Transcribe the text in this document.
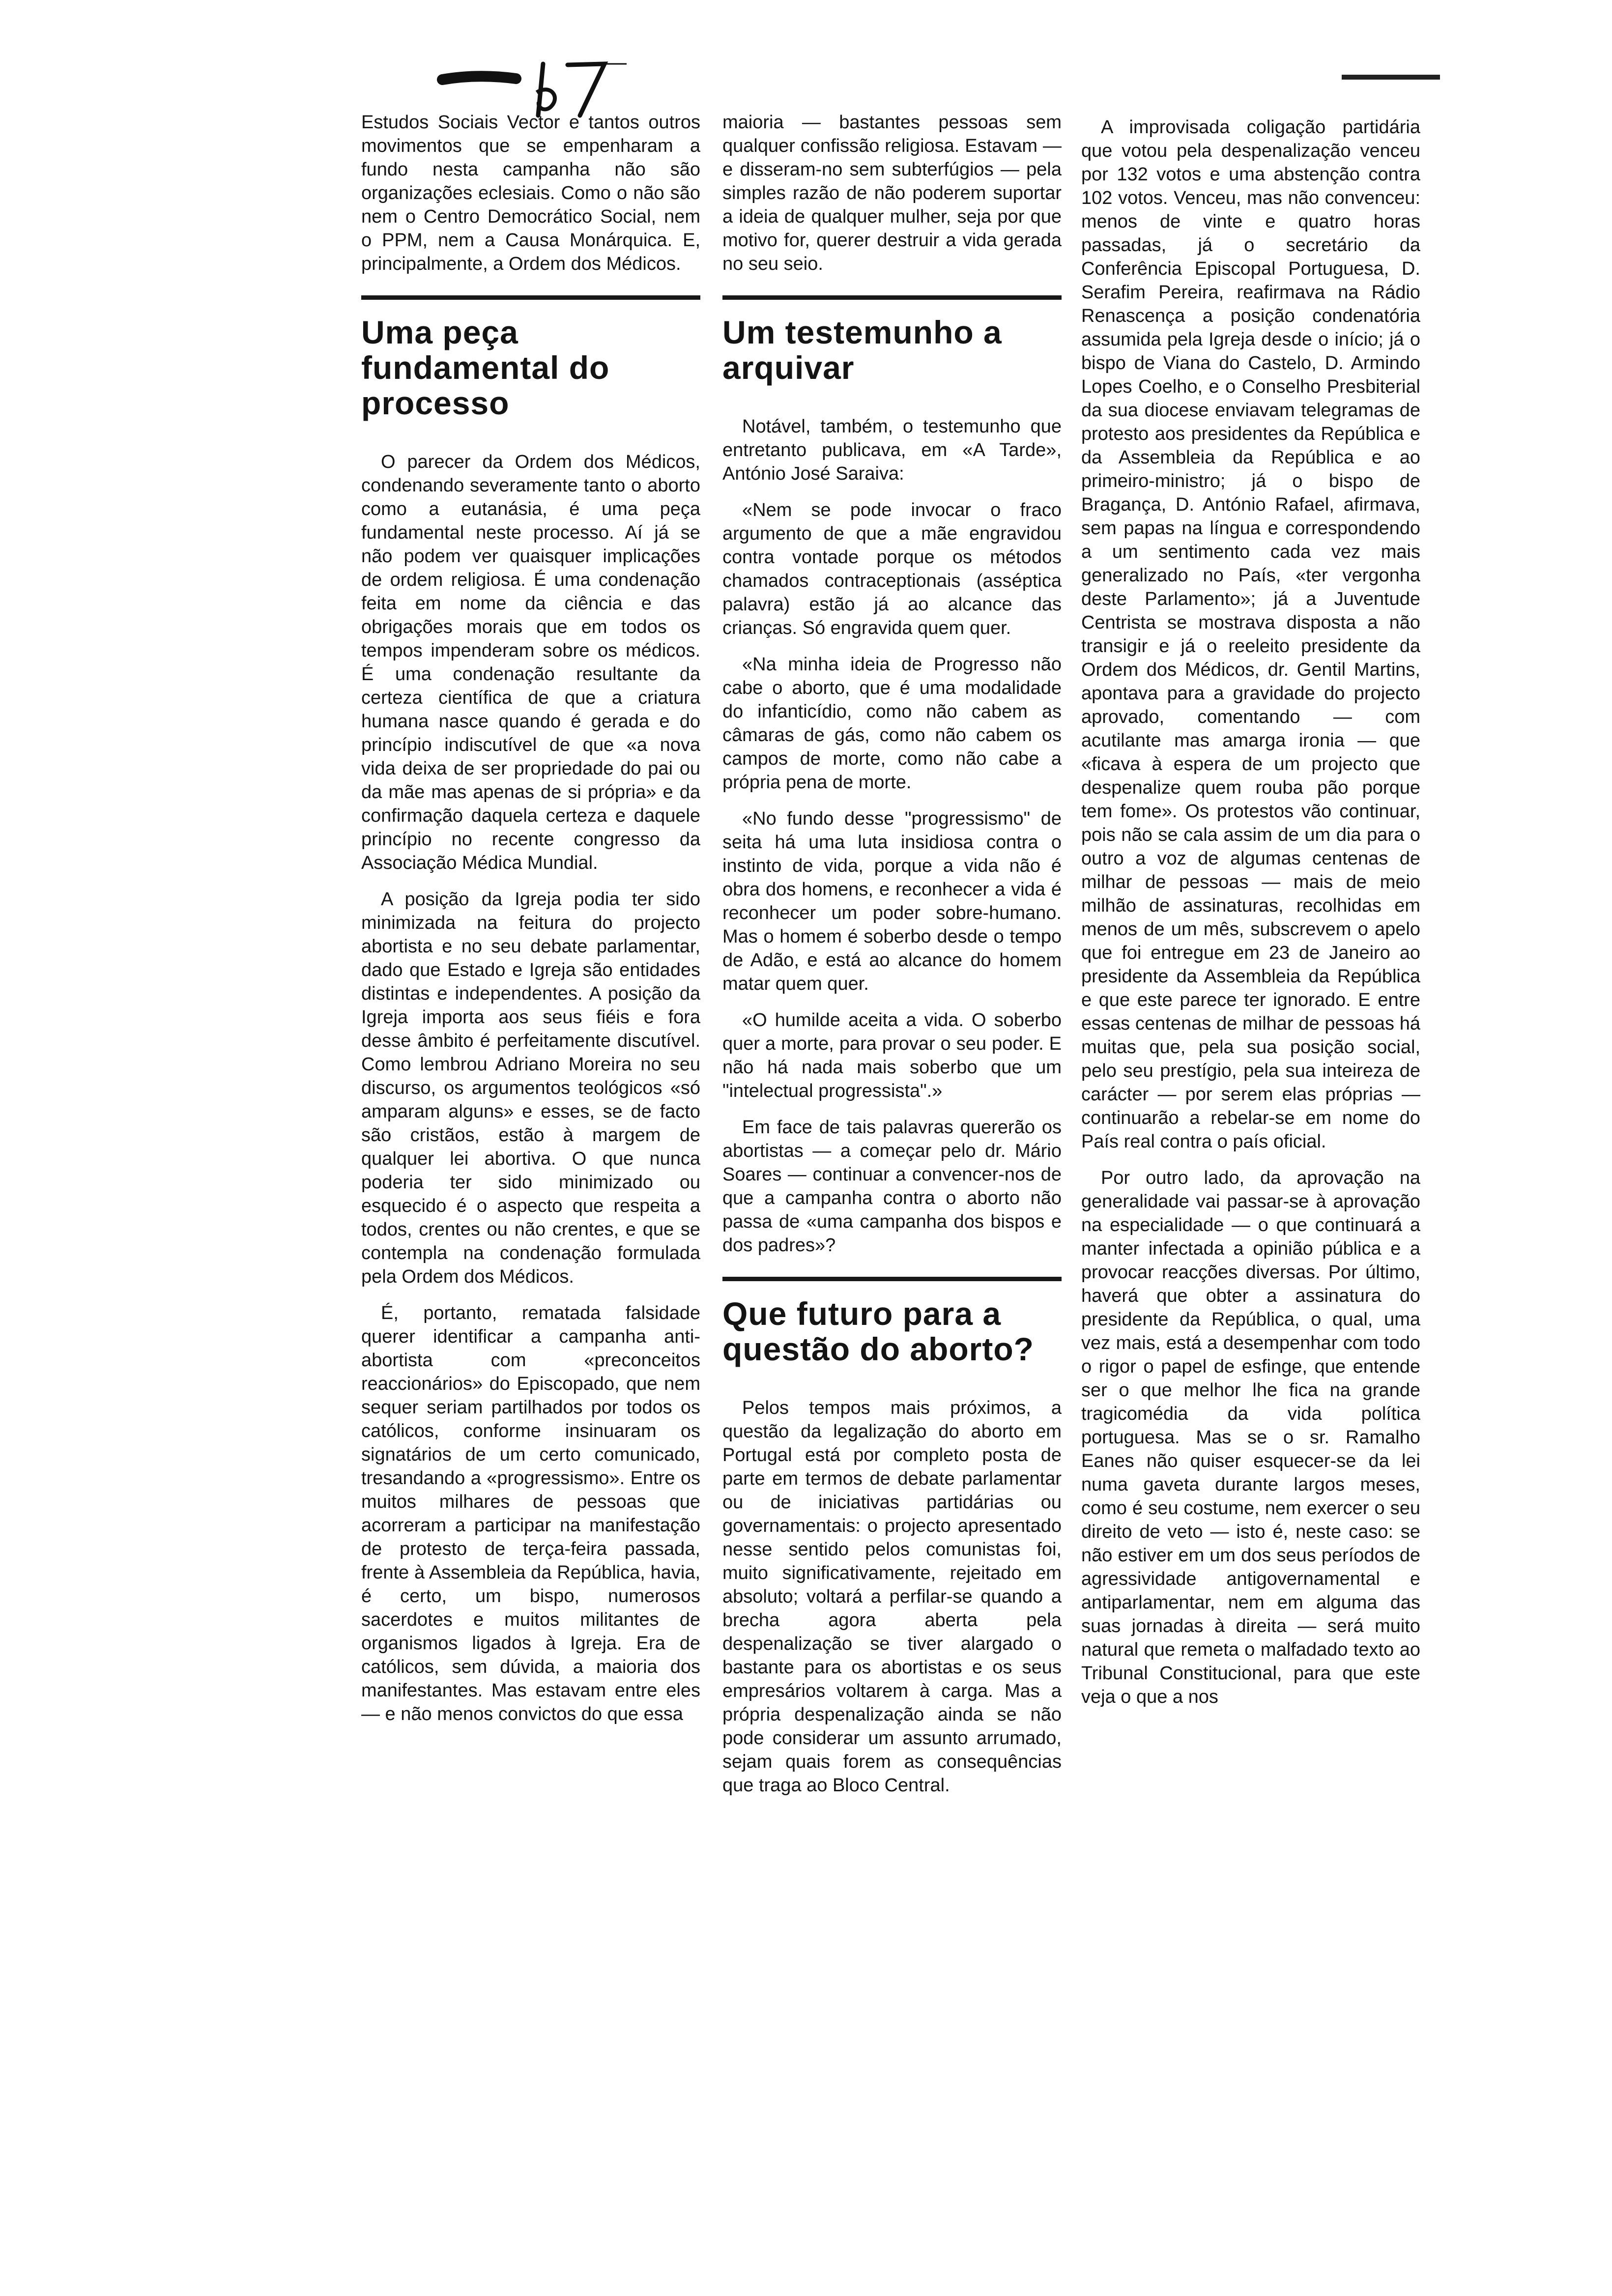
Estudos Sociais Vector e tantos outros movimentos que se empenharam a fundo nesta campanha não são organizações eclesiais. Como o não são nem o Centro Democrático Social, nem o PPM, nem a Causa Monárquica. E, principalmente, a Ordem dos Médicos.

Uma peça fundamental do processo

O parecer da Ordem dos Médicos, condenando severamente tanto o aborto como a eutanásia, é uma peça fundamental neste processo. Aí já se não podem ver quaisquer implicações de ordem religiosa. É uma condenação feita em nome da ciência e das obrigações morais que em todos os tempos impenderam sobre os médicos. É uma condenação resultante da certeza científica de que a criatura humana nasce quando é gerada e do princípio indiscutível de que «a nova vida deixa de ser propriedade do pai ou da mãe mas apenas de si própria» e da confirmação daquela certeza e daquele princípio no recente congresso da Associação Médica Mundial.

A posição da Igreja podia ter sido minimizada na feitura do projecto abortista e no seu debate parlamentar, dado que Estado e Igreja são entidades distintas e independentes. A posição da Igreja importa aos seus fiéis e fora desse âmbito é perfeitamente discutível. Como lembrou Adriano Moreira no seu discurso, os argumentos teológicos «só amparam alguns» e esses, se de facto são cristãos, estão à margem de qualquer lei abortiva. O que nunca poderia ter sido minimizado ou esquecido é o aspecto que respeita a todos, crentes ou não crentes, e que se contempla na condenação formulada pela Ordem dos Médicos.

É, portanto, rematada falsidade querer identificar a campanha anti-abortista com «preconceitos reaccionários» do Episcopado, que nem sequer seriam partilhados por todos os católicos, conforme insinuaram os signatários de um certo comunicado, tresandando a «progressismo». Entre os muitos milhares de pessoas que acorreram a participar na manifestação de protesto de terça-feira passada, frente à Assembleia da República, havia, é certo, um bispo, numerosos sacerdotes e muitos militantes de organismos ligados à Igreja. Era de católicos, sem dúvida, a maioria dos manifestantes. Mas estavam entre eles — e não menos convictos do que essa

maioria — bastantes pessoas sem qualquer confissão religiosa. Estavam — e disseram-no sem subterfúgios — pela simples razão de não poderem suportar a ideia de qualquer mulher, seja por que motivo for, querer destruir a vida gerada no seu seio.

Um testemunho a arquivar

Notável, também, o testemunho que entretanto publicava, em «A Tarde», António José Saraiva:

«Nem se pode invocar o fraco argumento de que a mãe engravidou contra vontade porque os métodos chamados contraceptionais (asséptica palavra) estão já ao alcance das crianças. Só engravida quem quer.

«Na minha ideia de Progresso não cabe o aborto, que é uma modalidade do infanticídio, como não cabem as câmaras de gás, como não cabem os campos de morte, como não cabe a própria pena de morte.

«No fundo desse "progressismo" de seita há uma luta insidiosa contra o instinto de vida, porque a vida não é obra dos homens, e reconhecer a vida é reconhecer um poder sobre-humano. Mas o homem é soberbo desde o tempo de Adão, e está ao alcance do homem matar quem quer.

«O humilde aceita a vida. O soberbo quer a morte, para provar o seu poder. E não há nada mais soberbo que um "intelectual progressista".»

Em face de tais palavras quererão os abortistas — a começar pelo dr. Mário Soares — continuar a convencer-nos de que a campanha contra o aborto não passa de «uma campanha dos bispos e dos padres»?

Que futuro para a questão do aborto?

Pelos tempos mais próximos, a questão da legalização do aborto em Portugal está por completo posta de parte em termos de debate parlamentar ou de iniciativas partidárias ou governamentais: o projecto apresentado nesse sentido pelos comunistas foi, muito significativamente, rejeitado em absoluto; voltará a perfilar-se quando a brecha agora aberta pela despenalização se tiver alargado o bastante para os abortistas e os seus empresários voltarem à carga. Mas a própria despenalização ainda se não pode considerar um assunto arrumado, sejam quais forem as consequências que traga ao Bloco Central.

A improvisada coligação partidária que votou pela despenalização venceu por 132 votos e uma abstenção contra 102 votos. Venceu, mas não convenceu: menos de vinte e quatro horas passadas, já o secretário da Conferência Episcopal Portuguesa, D. Serafim Pereira, reafirmava na Rádio Renascença a posição condenatória assumida pela Igreja desde o início; já o bispo de Viana do Castelo, D. Armindo Lopes Coelho, e o Conselho Presbiterial da sua diocese enviavam telegramas de protesto aos presidentes da República e da Assembleia da República e ao primeiro-ministro; já o bispo de Bragança, D. António Rafael, afirmava, sem papas na língua e correspondendo a um sentimento cada vez mais generalizado no País, «ter vergonha deste Parlamento»; já a Juventude Centrista se mostrava disposta a não transigir e já o reeleito presidente da Ordem dos Médicos, dr. Gentil Martins, apontava para a gravidade do projecto aprovado, comentando — com acutilante mas amarga ironia — que «ficava à espera de um projecto que despenalize quem rouba pão porque tem fome». Os protestos vão continuar, pois não se cala assim de um dia para o outro a voz de algumas centenas de milhar de pessoas — mais de meio milhão de assinaturas, recolhidas em menos de um mês, subscrevem o apelo que foi entregue em 23 de Janeiro ao presidente da Assembleia da República e que este parece ter ignorado. E entre essas centenas de milhar de pessoas há muitas que, pela sua posição social, pelo seu prestígio, pela sua inteireza de carácter — por serem elas próprias — continuarão a rebelar-se em nome do País real contra o país oficial.

Por outro lado, da aprovação na generalidade vai passar-se à aprovação na especialidade — o que continuará a manter infectada a opinião pública e a provocar reacções diversas. Por último, haverá que obter a assinatura do presidente da República, o qual, uma vez mais, está a desempenhar com todo o rigor o papel de esfinge, que entende ser o que melhor lhe fica na grande tragicomédia da vida política portuguesa. Mas se o sr. Ramalho Eanes não quiser esquecer-se da lei numa gaveta durante largos meses, como é seu costume, nem exercer o seu direito de veto — isto é, neste caso: se não estiver em um dos seus períodos de agressividade antigovernamental e antiparlamentar, nem em alguma das suas jornadas à direita — será muito natural que remeta o malfadado texto ao Tribunal Constitucional, para que este veja o que a nos
